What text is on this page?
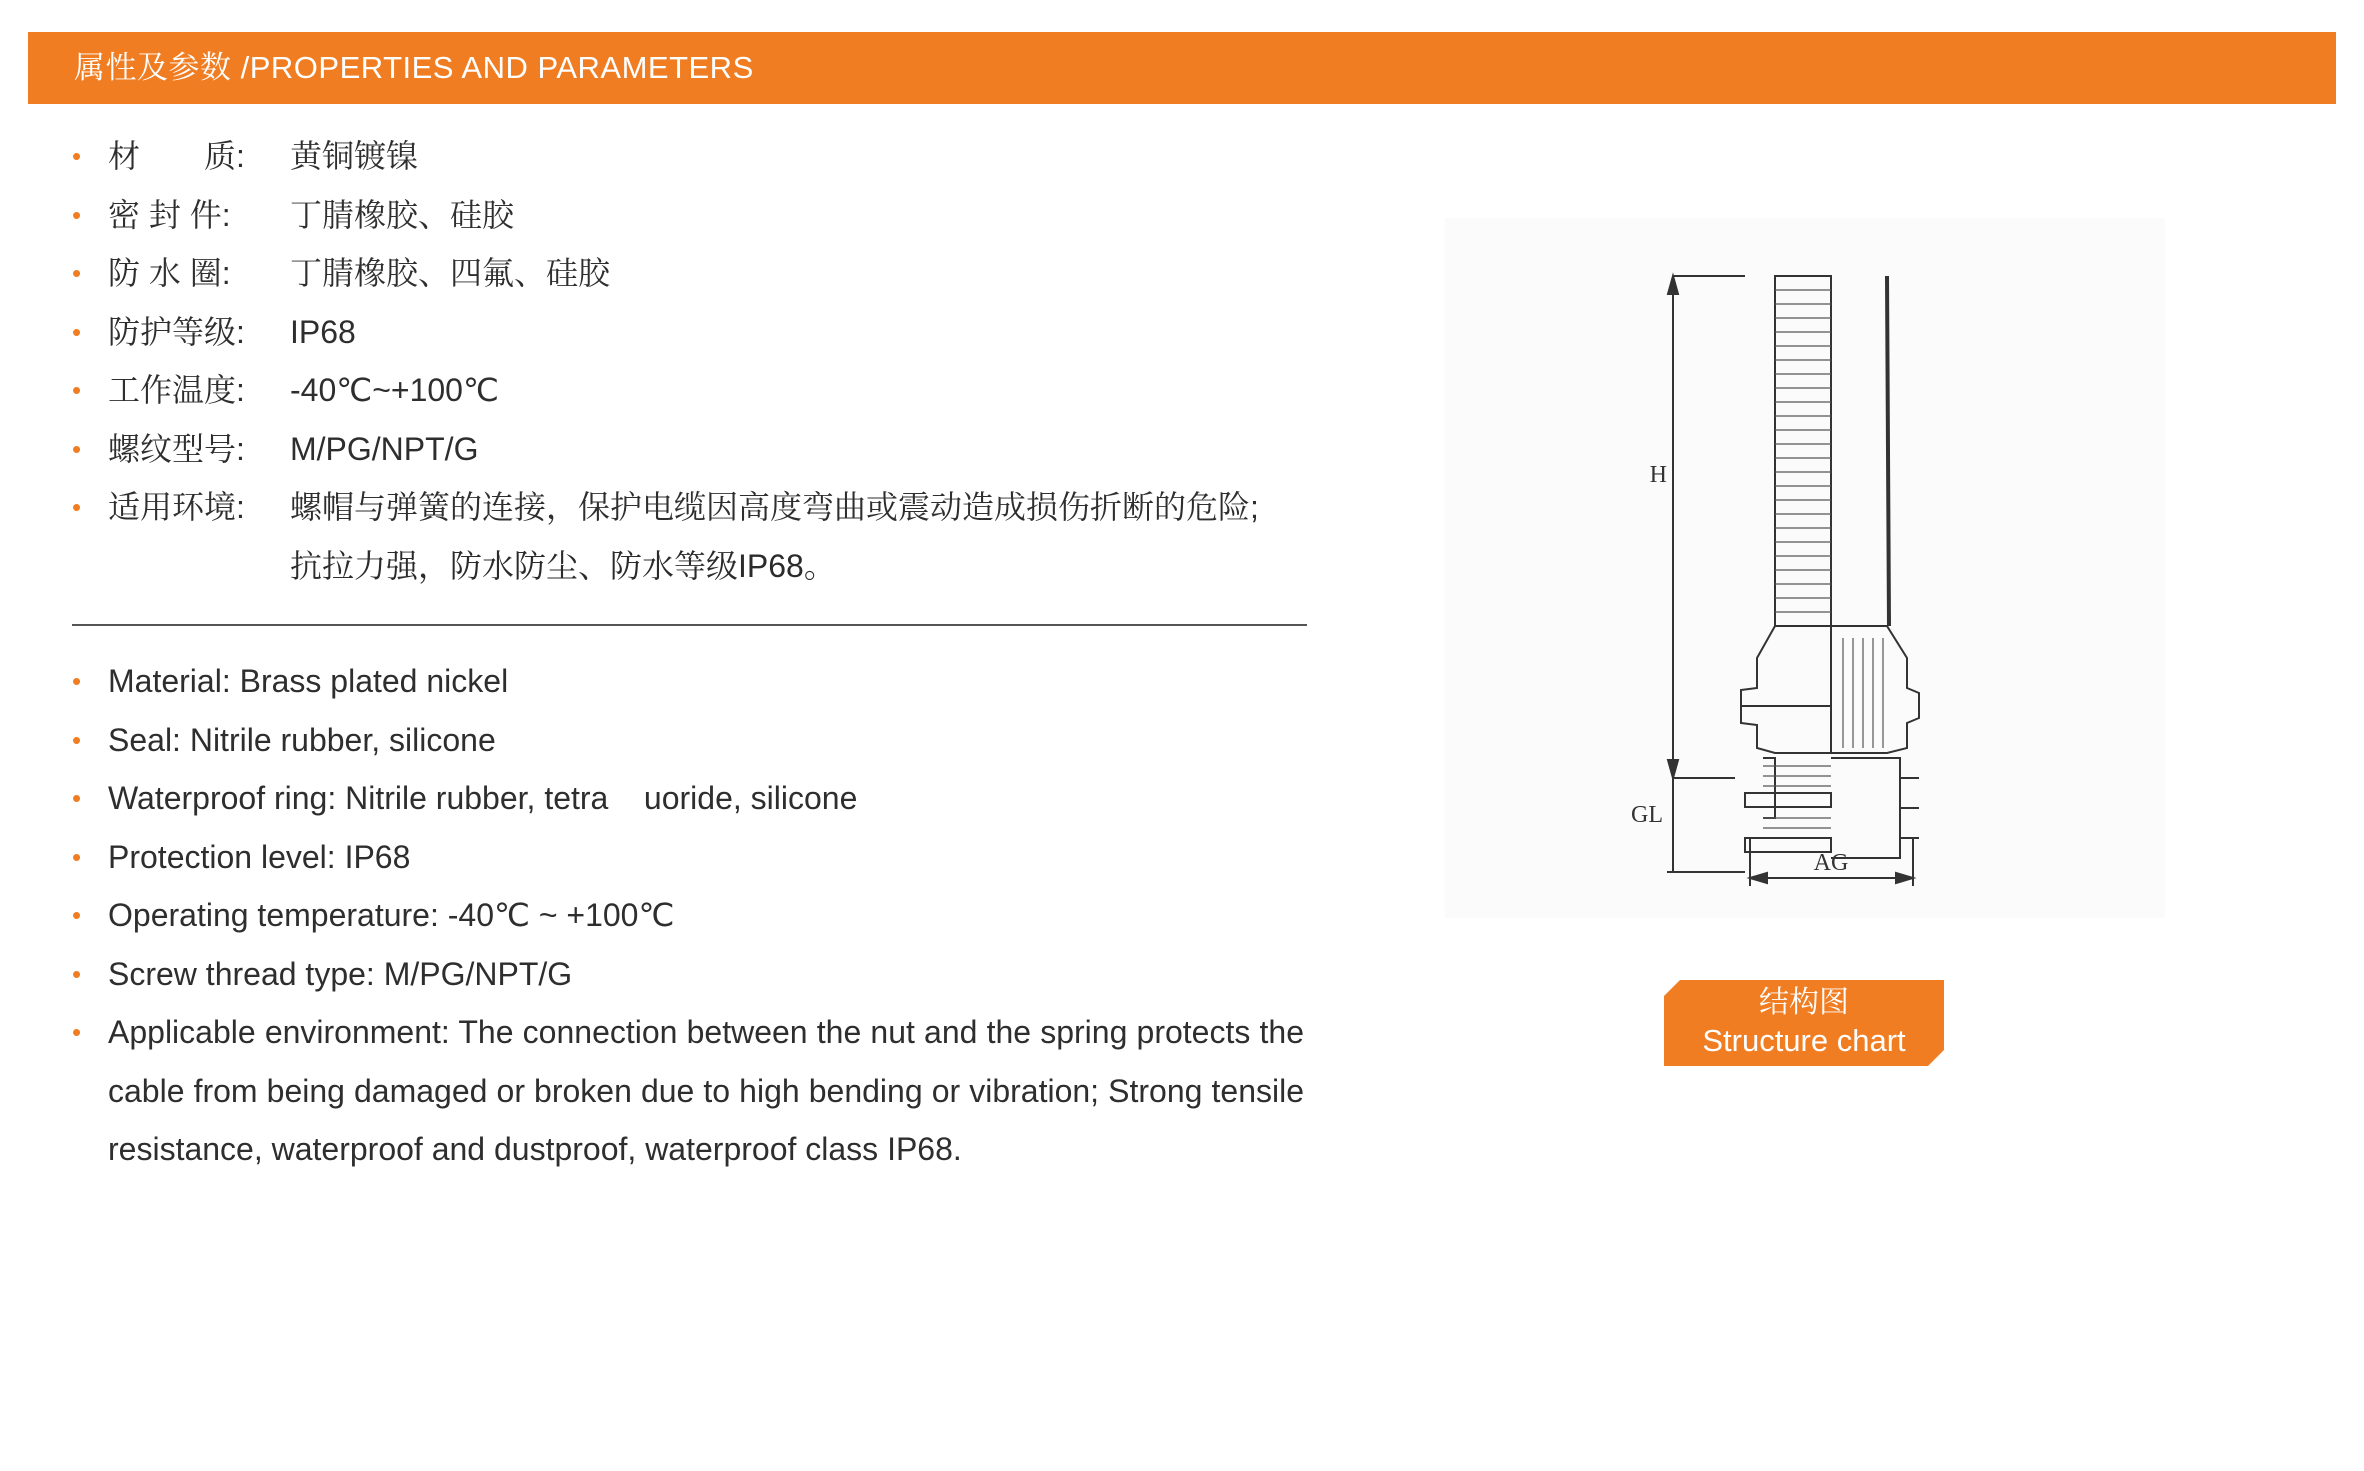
属性及参数 /PROPERTIES AND PARAMETERS
• 材　　质: 黄铜镀镍
• 密 封 件: 丁腈橡胶、硅胶
• 防 水 圈: 丁腈橡胶、四氟、硅胶
• 防护等级: IP68
• 工作温度: -40℃~+100℃
• 螺纹型号: M/PG/NPT/G
• 适用环境: 螺帽与弹簧的连接，保护电缆因高度弯曲或震动造成损伤折断的危险;
抗拉力强，防水防尘、防水等级IP68。
• Material: Brass plated nickel
• Seal: Nitrile rubber, silicone
• Waterproof ring: Nitrile rubber, tetra    uoride, silicone
• Protection level: IP68
• Operating temperature: -40℃ ~ +100℃
• Screw thread type: M/PG/NPT/G
• Applicable environment: The connection between the nut and the spring protects the cable from being damaged or broken due to high bending or vibration; Strong tensile resistance, waterproof and dustproof, waterproof class IP68.
H
GL
AG
结构图
Structure chart
